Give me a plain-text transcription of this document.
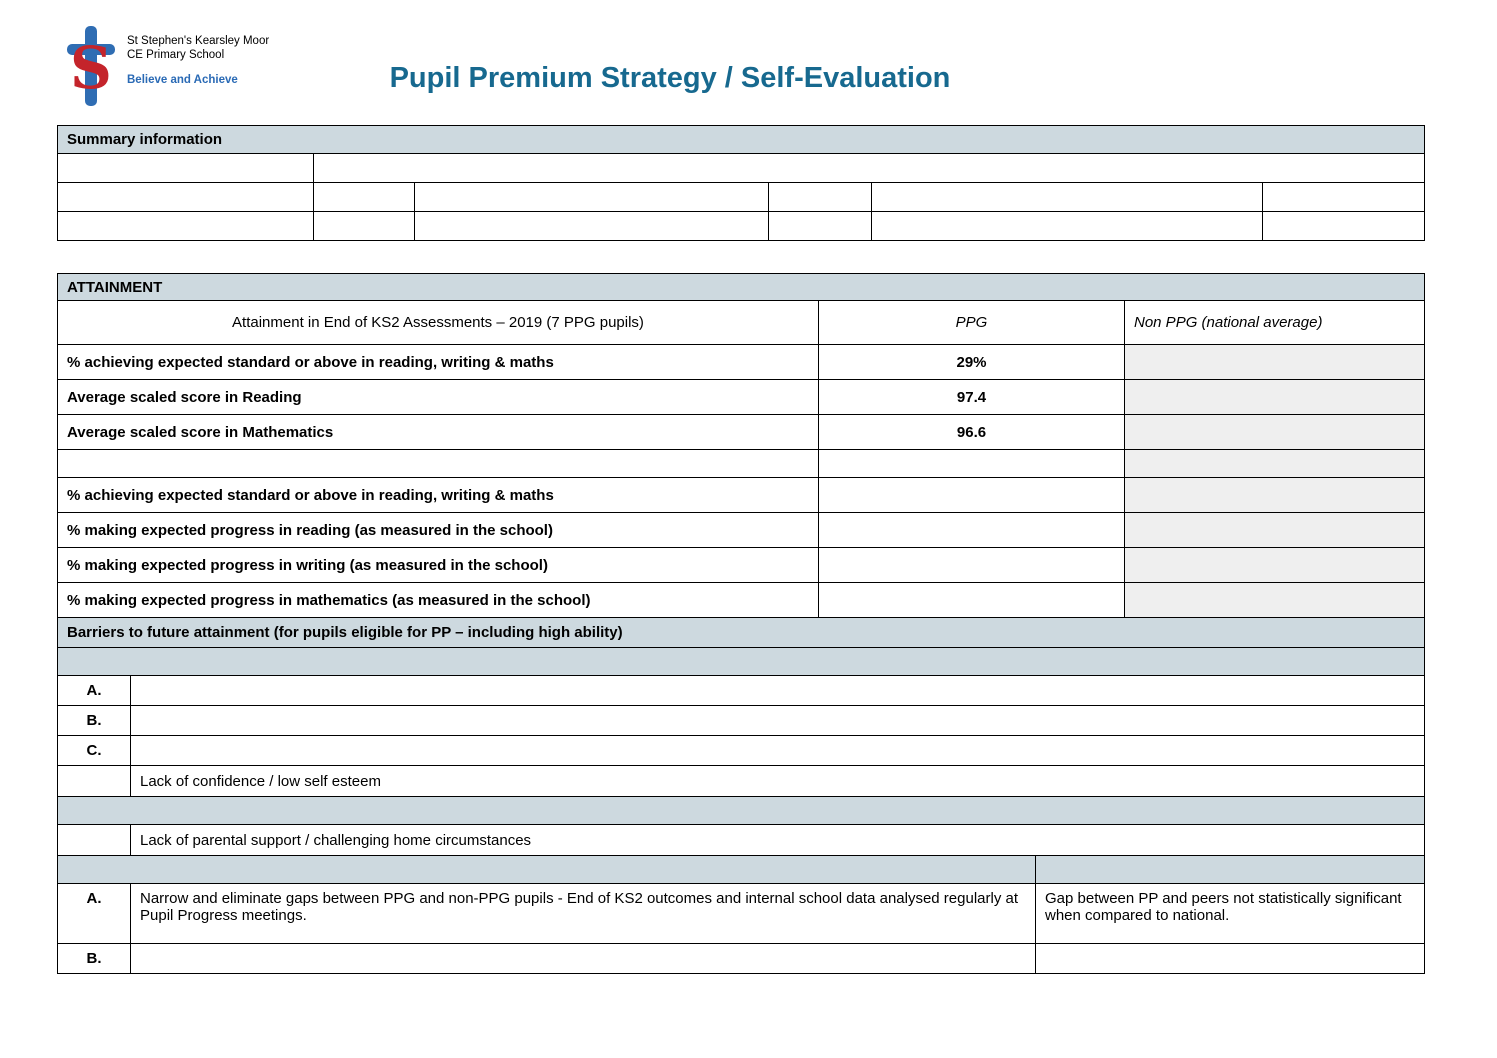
S St Stephen's Kearsley Moor
CE Primary School
Believe and Achieve	Pupil Premium Strategy / Self-Evaluation
Summary information					

ATTAINMENT				
Attainment in End of KS2 Assessments – 2019 (7 PPG pupils)		PPG		Non PPG (national average)
% achieving expected standard or above in reading, writing & maths		29%		
Average scaled score in Reading		97.4		
Average scaled score in Mathematics		96.6		

% achieving expected standard or above in reading, writing & maths				
% making expected progress in reading (as measured in the school)				
% making expected progress in writing (as measured in the school)				
% making expected progress in mathematics (as measured in the school)				
Barriers to future attainment (for pupils eligible for PP – including high ability)				

A.				
B.				
C.				
	Lack of confidence / low self esteem			

	Lack of parental support / challenging home circumstances			

A.	Narrow and eliminate gaps between PPG and non-PPG pupils - End of KS2 outcomes and internal school data analysed regularly at Pupil Progress meetings.		Gap between PP and peers not statistically significant when compared to national.	
B.				
